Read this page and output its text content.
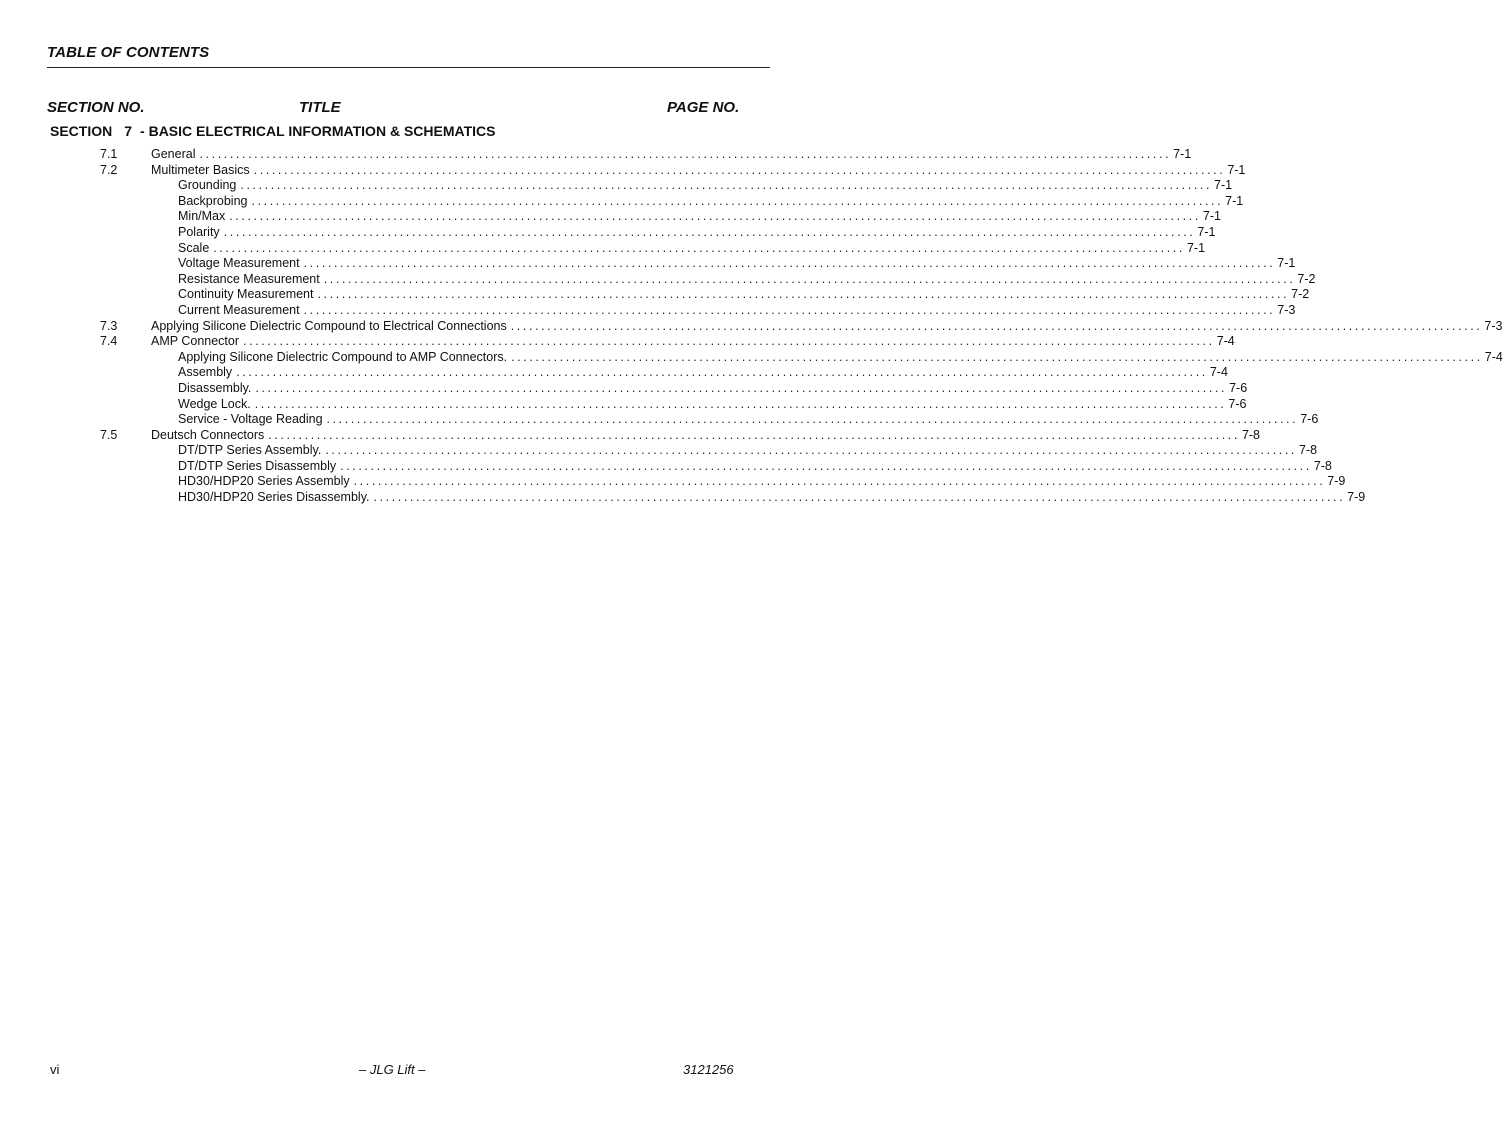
TABLE OF CONTENTS
SECTION NO.	TITLE	PAGE NO.
SECTION 7 - BASIC ELECTRICAL INFORMATION & SCHEMATICS
7.1	General ................................................................................................................................................................ 7-1
7.2	Multimeter Basics ................................................................................................................................................................ 7-1
Grounding ................................................................................................................................................................ 7-1
Backprobing ................................................................................................................................................................ 7-1
Min/Max ................................................................................................................................................................ 7-1
Polarity ................................................................................................................................................................ 7-1
Scale ................................................................................................................................................................ 7-1
Voltage Measurement ................................................................................................................................................................ 7-1
Resistance Measurement ................................................................................................................................................................ 7-2
Continuity Measurement ................................................................................................................................................................ 7-2
Current Measurement ................................................................................................................................................................ 7-3
7.3	Applying Silicone Dielectric Compound to Electrical Connections ................................................................................................................................................................ 7-3
7.4	AMP Connector ................................................................................................................................................................ 7-4
Applying Silicone Dielectric Compound to AMP Connectors. ................................................................................................................................................................ 7-4
Assembly ................................................................................................................................................................ 7-4
Disassembly. ................................................................................................................................................................ 7-6
Wedge Lock. ................................................................................................................................................................ 7-6
Service - Voltage Reading ................................................................................................................................................................ 7-6
7.5	Deutsch Connectors ................................................................................................................................................................ 7-8
DT/DTP Series Assembly. ................................................................................................................................................................ 7-8
DT/DTP Series Disassembly ................................................................................................................................................................ 7-8
HD30/HDP20 Series Assembly ................................................................................................................................................................ 7-9
HD30/HDP20 Series Disassembly. ................................................................................................................................................................ 7-9
vi	– JLG Lift –	3121256
